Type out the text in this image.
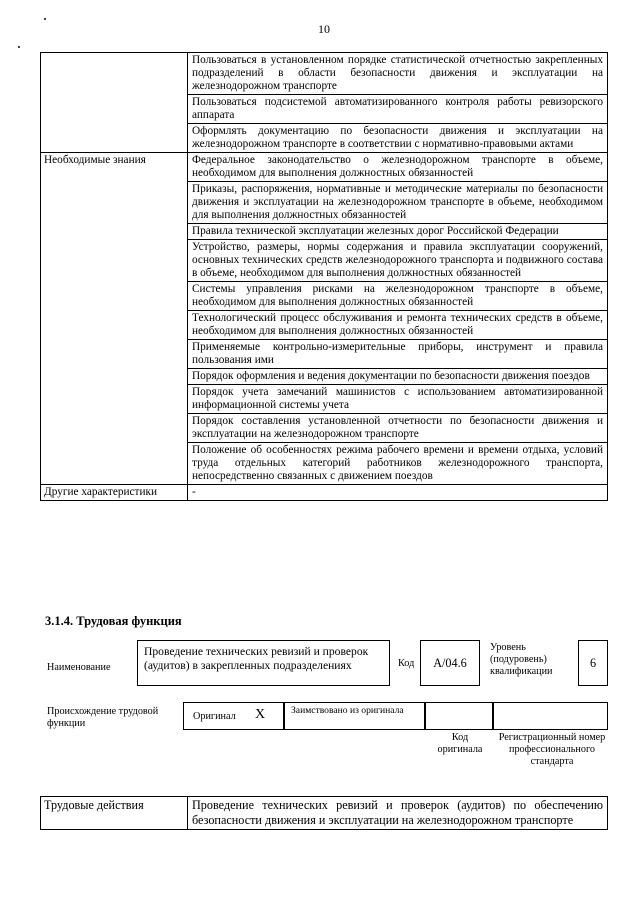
10
	Пользоваться в установленном порядке статистической отчетностью закрепленных подразделений в области безопасности движения и эксплуатации на железнодорожном транспорте
	Пользоваться подсистемой автоматизированного контроля работы ревизорского аппарата
	Оформлять документацию по безопасности движения и эксплуатации на железнодорожном транспорте в соответствии с нормативно-правовыми актами
Необходимые знания	Федеральное законодательство о железнодорожном транспорте в объеме, необходимом для выполнения должностных обязанностей
	Приказы, распоряжения, нормативные и методические материалы по безопасности движения и эксплуатации на железнодорожном транспорте в объеме, необходимом для выполнения должностных обязанностей
	Правила технической эксплуатации железных дорог Российской Федерации
	Устройство, размеры, нормы содержания и правила эксплуатации сооружений, основных технических средств железнодорожного транспорта и подвижного состава в объеме, необходимом для выполнения должностных обязанностей
	Системы управления рисками на железнодорожном транспорте в объеме, необходимом для выполнения должностных обязанностей
	Технологический процесс обслуживания и ремонта технических средств в объеме, необходимом для выполнения должностных обязанностей
	Применяемые контрольно-измерительные приборы, инструмент и правила пользования ими
	Порядок оформления и ведения документации по безопасности движения поездов
	Порядок учета замечаний машинистов с использованием автоматизированной информационной системы учета
	Порядок составления установленной отчетности по безопасности движения и эксплуатации на железнодорожном транспорте
	Положение об особенностях режима рабочего времени и времени отдыха, условий труда отдельных категорий работников железнодорожного транспорта, непосредственно связанных с движением поездов
Другие характеристики	-
3.1.4. Трудовая функция
Наименование
Проведение технических ревизий и проверок (аудитов) в закрепленных подразделениях	Код	А/04.6
Уровень (подуровень) квалификации
6
Происхождение трудовой функции
Оригинал X	Заимствовано из оригинала
Код оригинала
Регистрационный номер профессионального стандарта
Трудовые действия	Проведение технических ревизий и проверок (аудитов) по обеспечению безопасности движения и эксплуатации на железнодорожном транспорте
